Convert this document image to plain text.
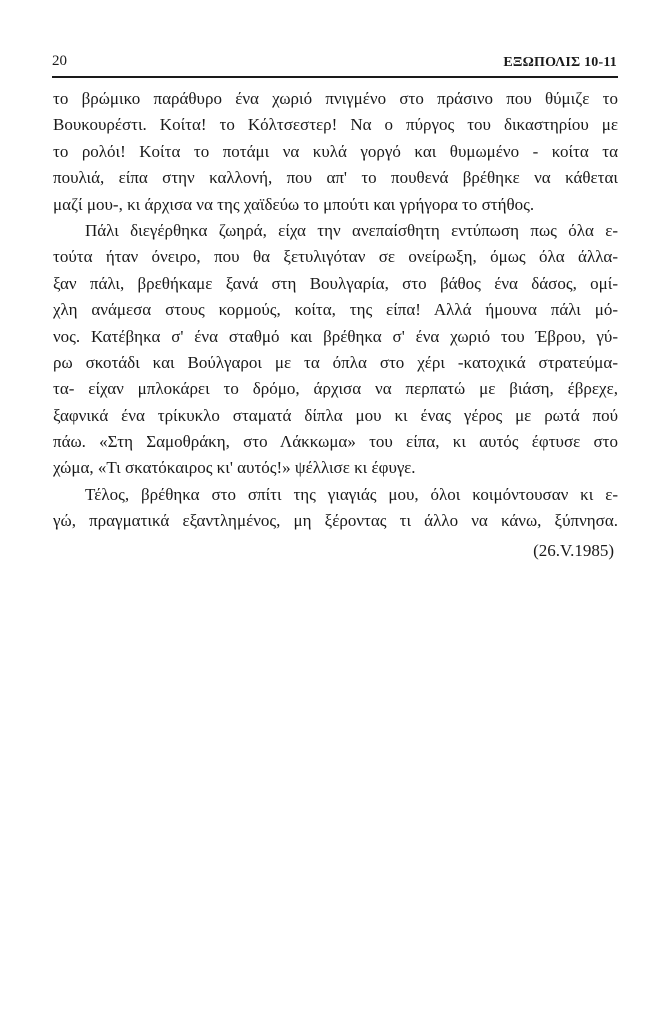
20	ΕΞΩΠΟΛΙΣ 10-11
το βρώμικο παράθυρο ένα χωριό πνιγμένο στο πράσινο που θύμιζε το
Βουκουρέστι. Κοίτα! το Κόλτσεστερ! Να ο πύργος του δικαστηρίου με
το ρολόι! Κοίτα το ποτάμι να κυλά γοργό και θυμωμένο - κοίτα τα
πουλιά, είπα στην καλλονή, που απ' το πουθενά βρέθηκε να κάθεται
μαζί μου-, κι άρχισα να της χαϊδεύω το μπούτι και γρήγορα το στήθος.
Πάλι διεγέρθηκα ζωηρά, είχα την ανεπαίσθητη εντύπωση πως όλα ε-
τούτα ήταν όνειρο, που θα ξετυλιγόταν σε ονείρωξη, όμως όλα άλλα-
ξαν πάλι, βρεθήκαμε ξανά στη Βουλγαρία, στο βάθος ένα δάσος, ομί-
χλη ανάμεσα στους κορμούς, κοίτα, της είπα! Αλλά ήμουνα πάλι μό-
νος. Κατέβηκα σ' ένα σταθμό και βρέθηκα σ' ένα χωριό του Έβρου, γύ-
ρω σκοτάδι και Βούλγαροι με τα όπλα στο χέρι -κατοχικά στρατεύμα-
τα- είχαν μπλοκάρει το δρόμο, άρχισα να περπατώ με βιάση, έβρεχε,
ξαφνικά ένα τρίκυκλο σταματά δίπλα μου κι ένας γέρος με ρωτά πού
πάω. «Στη Σαμοθράκη, στο Λάκκωμα» του είπα, κι αυτός έφτυσε στο
χώμα, «Τι σκατόκαιρος κι' αυτός!» ψέλλισε κι έφυγε.
Τέλος, βρέθηκα στο σπίτι της γιαγιάς μου, όλοι κοιμόντουσαν κι ε-
γώ, πραγματικά εξαντλημένος, μη ξέροντας τι άλλο να κάνω, ξύπνησα.
(26.V.1985)
